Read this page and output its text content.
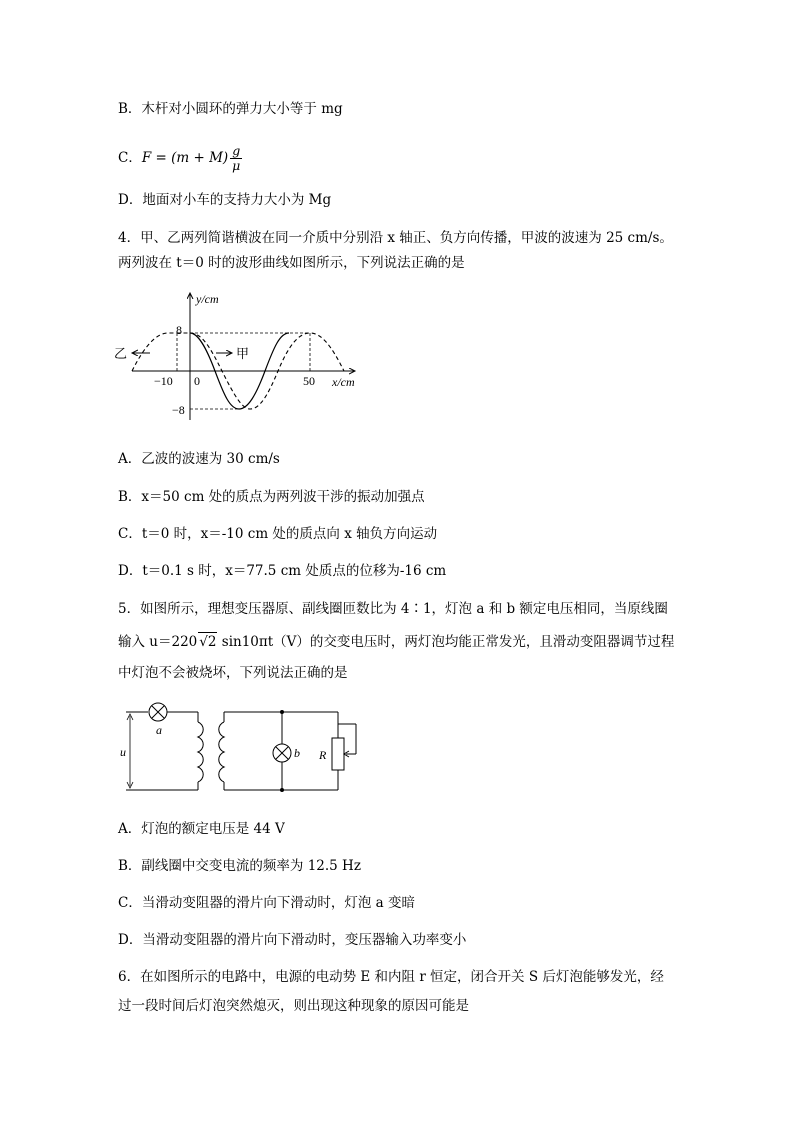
B．木杆对小圆环的弹力大小等于 mg
C．$F = (m + M) \frac{g}{\mu}$
D．地面对小车的支持力大小为 Mg
4．甲、乙两列简谐横波在同一介质中分别沿 x 轴正、负方向传播，甲波的波速为 25 cm/s。
两列波在 t＝0 时的波形曲线如图所示，下列说法正确的是
y/cm
x/cm
8
−8
−10 0	50
乙	甲
A．乙波的波速为 30 cm/s
B．x＝50 cm 处的质点为两列波干涉的振动加强点
C．t＝0 时，x＝-10 cm 处的质点向 x 轴负方向运动
D．t＝0.1 s 时，x＝77.5 cm 处质点的位移为-16 cm
5．如图所示，理想变压器原、副线圈匝数比为 4∶1，灯泡 a 和 b 额定电压相同，当原线圈
输入 u＝220 √2 sin10πt（V）的交变电压时，两灯泡均能正常发光，且滑动变阻器调节过程
中灯泡不会被烧坏，下列说法正确的是
u
a
b R
A．灯泡的额定电压是 44 V
B．副线圈中交变电流的频率为 12.5 Hz
C．当滑动变阻器的滑片向下滑动时，灯泡 a 变暗
D．当滑动变阻器的滑片向下滑动时，变压器输入功率变小
6．在如图所示的电路中，电源的电动势 E 和内阻 r 恒定，闭合开关 S 后灯泡能够发光，经
过一段时间后灯泡突然熄灭，则出现这种现象的原因可能是
